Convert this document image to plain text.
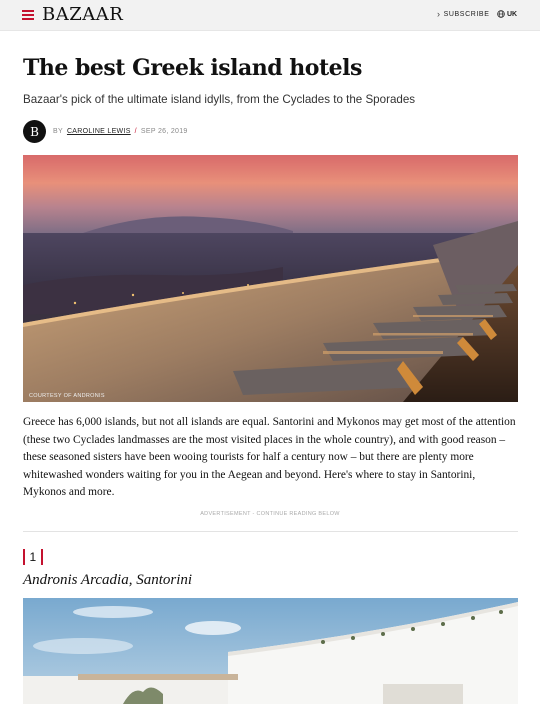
BAZAAR	› SUBSCRIBE	UK
The best Greek island hotels

Bazaar's pick of the ultimate island idylls, from the Cyclades to the Sporades

B	BY CAROLINE LEWIS / SEP 26, 2019
COURTESY OF ANDRONIS

Greece has 6,000 islands, but not all islands are equal. Santorini and Mykonos may get most of the attention (these two Cyclades landmasses are the most visited places in the whole country), and with good reason – these seasoned sisters have been wooing tourists for half a century now – but there are plenty more whitewashed wonders waiting for you in the Aegean and beyond. Here's where to stay in Santorini, Mykonos and more.

ADVERTISEMENT - CONTINUE READING BELOW
1
Andronis Arcadia, Santorini
